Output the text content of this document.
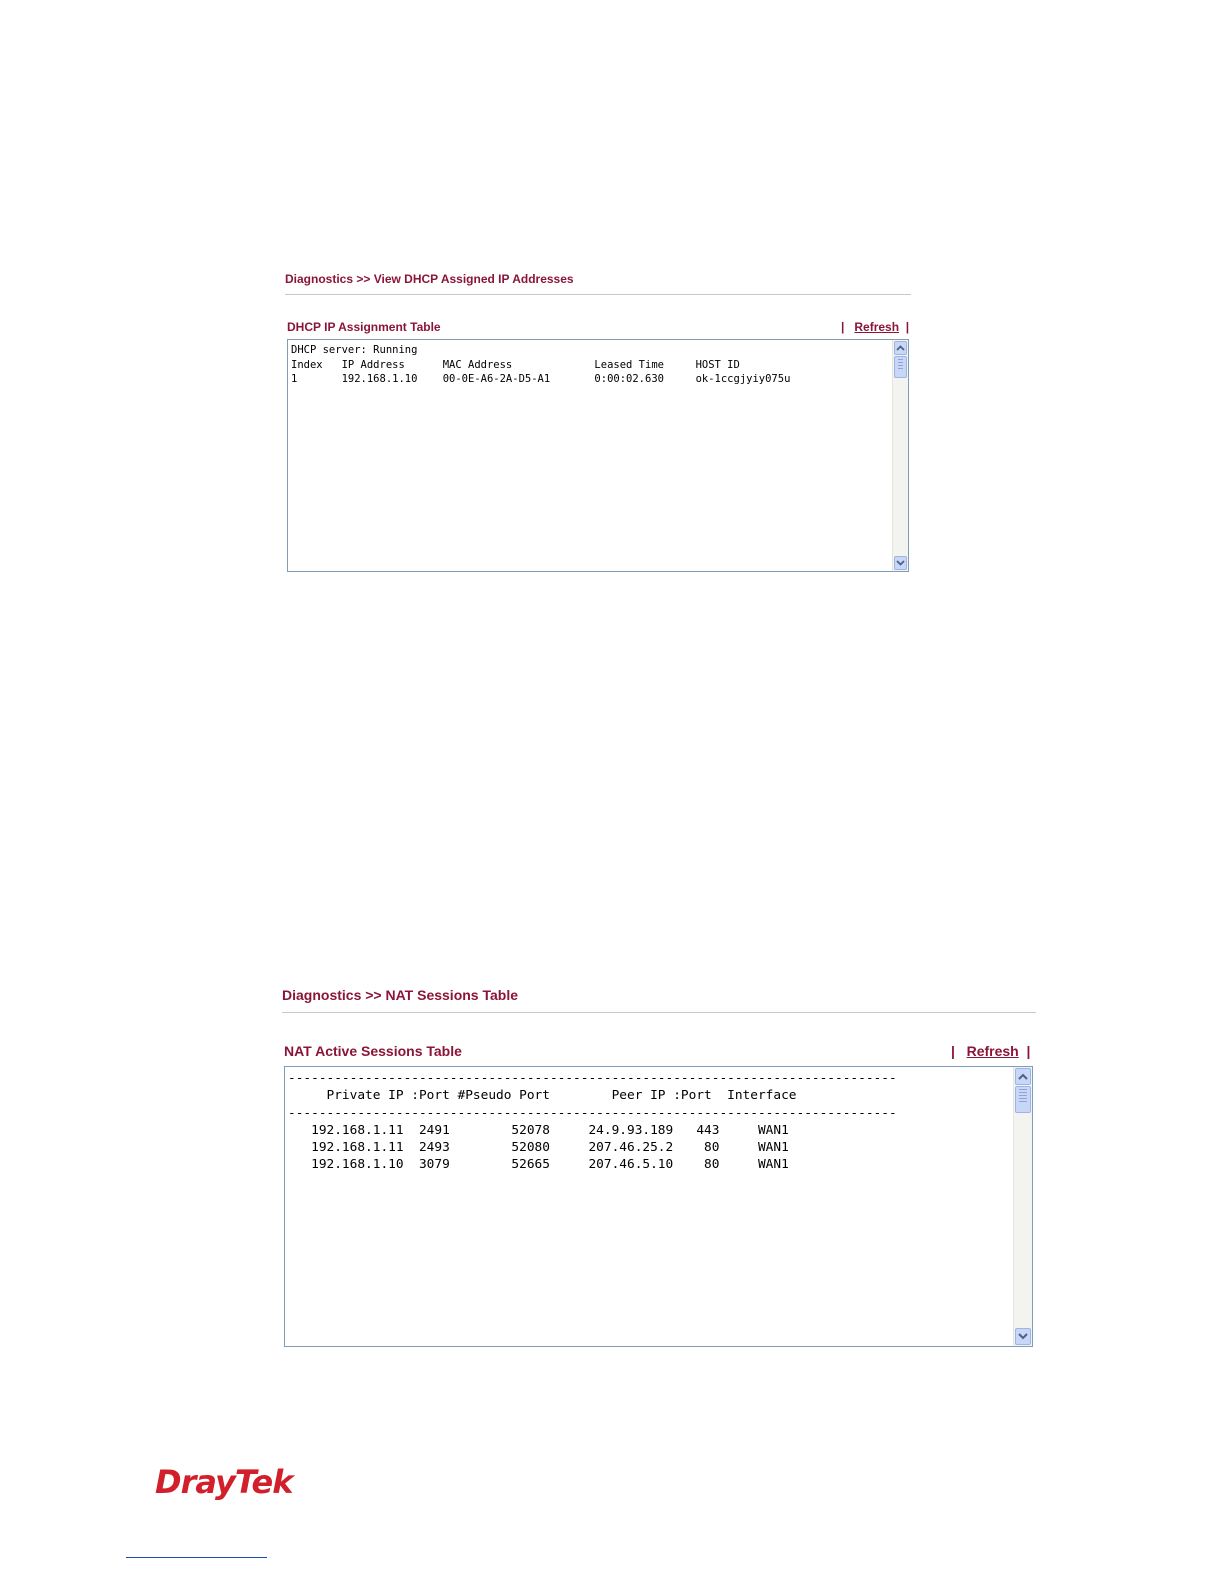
Diagnostics >> View DHCP Assigned IP Addresses
DHCP IP Assignment Table	| Refresh |
DHCP server: Running
Index   IP Address      MAC Address             Leased Time     HOST ID
1       192.168.1.10    00-0E-A6-2A-D5-A1       0:00:02.630     ok-1ccgjyiy075u
Diagnostics >> NAT Sessions Table
NAT Active Sessions Table	| Refresh |
-------------------------------------------------------------------------------
Private IP :Port #Pseudo Port        Peer IP :Port  Interface
-------------------------------------------------------------------------------
192.168.1.11  2491        52078     24.9.93.189   443     WAN1
192.168.1.11  2493        52080     207.46.25.2    80     WAN1
192.168.1.10  3079        52665     207.46.5.10    80     WAN1
DrayTek
